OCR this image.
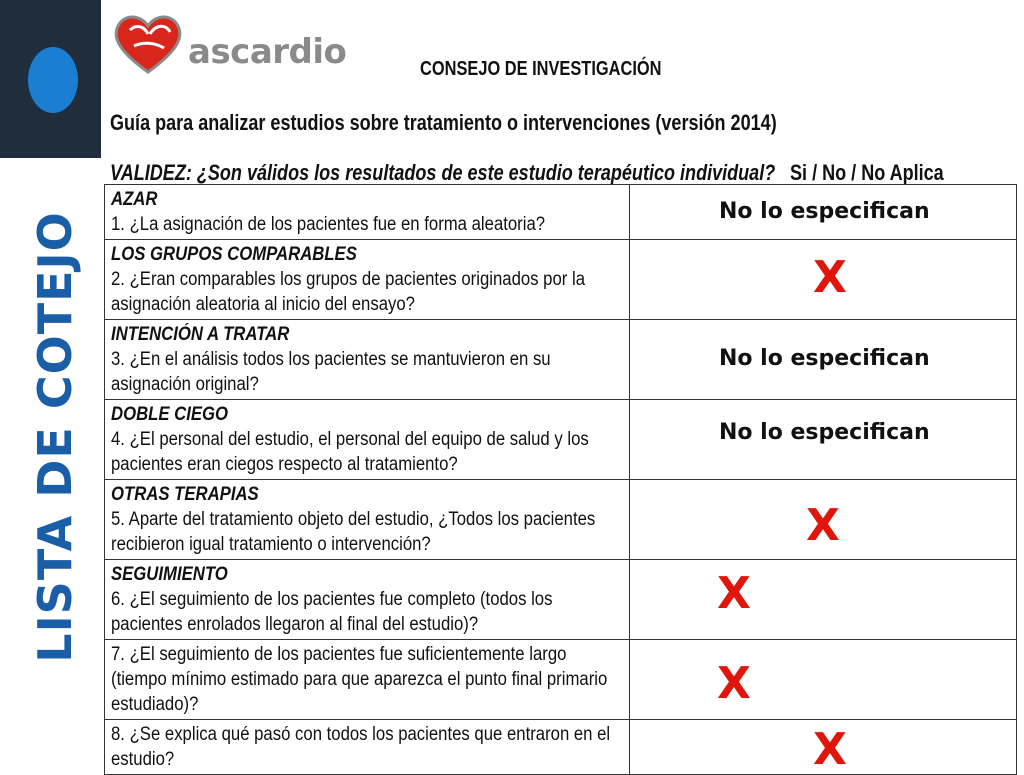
LISTA DE COTEJO
ascardio	CONSEJO DE INVESTIGACIÓN
Guía para analizar estudios sobre tratamiento o intervenciones (versión 2014)
VALIDEZ: ¿Son válidos los resultados de este estudio terapéutico individual? Si / No / No Aplica
AZAR
1. ¿La asignación de los pacientes fue en forma aleatoria?	No lo especifican

LOS GRUPOS COMPARABLES
2. ¿Eran comparables los grupos de pacientes originados por la asignación aleatoria al inicio del ensayo?	X

INTENCIÓN A TRATAR
3. ¿En el análisis todos los pacientes se mantuvieron en su asignación original?	No lo especifican

DOBLE CIEGO
4. ¿El personal del estudio, el personal del equipo de salud y los pacientes eran ciegos respecto al tratamiento?	No lo especifican

OTRAS TERAPIAS
5. Aparte del tratamiento objeto del estudio, ¿Todos los pacientes recibieron igual tratamiento o intervención?	X

SEGUIMIENTO
6. ¿El seguimiento de los pacientes fue completo (todos los pacientes enrolados llegaron al final del estudio)?	X

7. ¿El seguimiento de los pacientes fue suficientemente largo (tiempo mínimo estimado para que aparezca el punto final primario estudiado)?	X

8. ¿Se explica qué pasó con todos los pacientes que entraron en el estudio?	X
